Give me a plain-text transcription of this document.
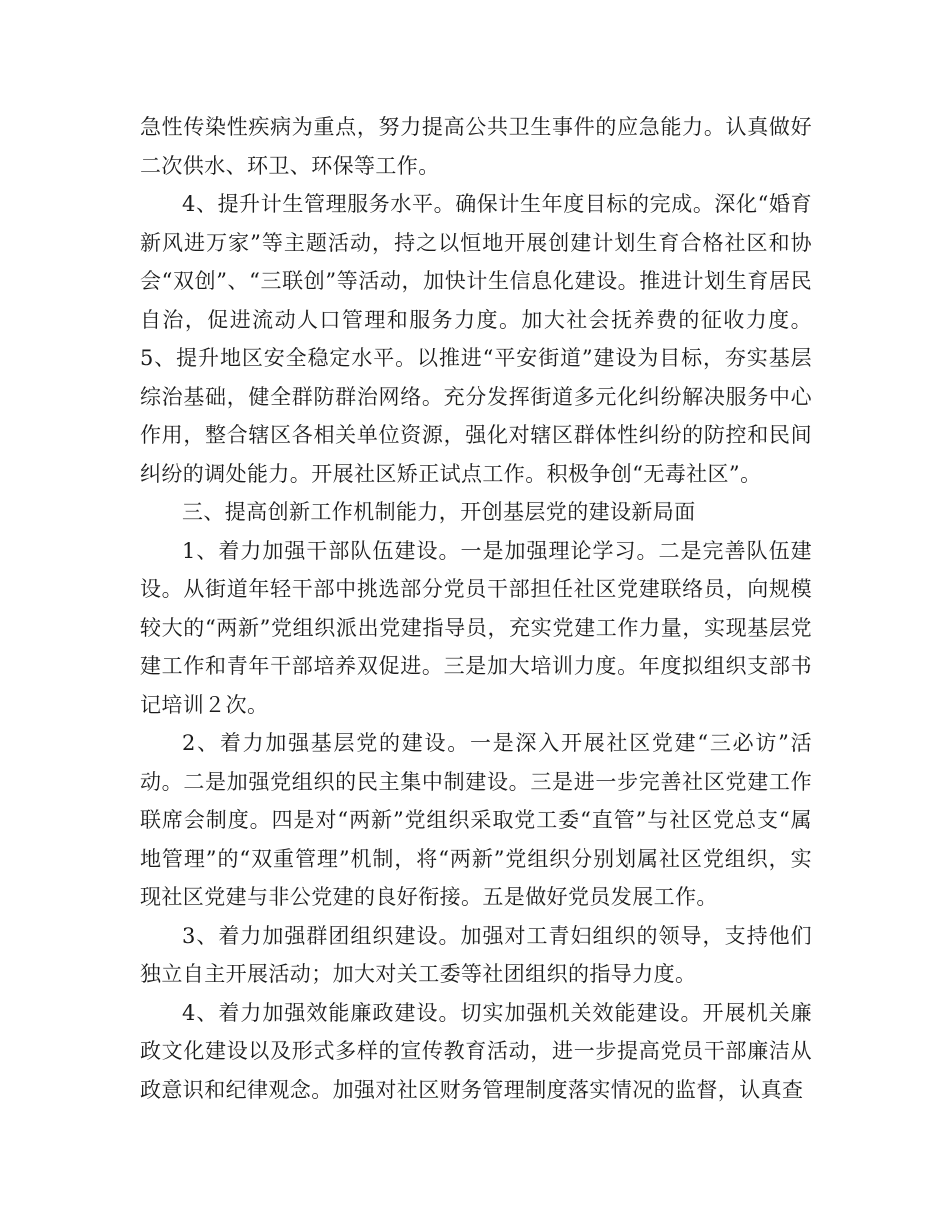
急性传染性疾病为重点，努力提高公共卫生事件的应急能力。认真做好二次供水、环卫、环保等工作。

4、提升计生管理服务水平。确保计生年度目标的完成。深化“婚育新风进万家”等主题活动，持之以恒地开展创建计划生育合格社区和协会“双创”、“三联创”等活动，加快计生信息化建设。推进计划生育居民自治，促进流动人口管理和服务力度。加大社会抚养费的征收力度。5、提升地区安全稳定水平。以推进“平安街道”建设为目标，夯实基层综治基础，健全群防群治网络。充分发挥街道多元化纠纷解决服务中心作用，整合辖区各相关单位资源，强化对辖区群体性纠纷的防控和民间纠纷的调处能力。开展社区矫正试点工作。积极争创“无毒社区”。

三、提高创新工作机制能力，开创基层党的建设新局面

1、着力加强干部队伍建设。一是加强理论学习。二是完善队伍建设。从街道年轻干部中挑选部分党员干部担任社区党建联络员，向规模较大的“两新”党组织派出党建指导员，充实党建工作力量，实现基层党建工作和青年干部培养双促进。三是加大培训力度。年度拟组织支部书记培训２次。

2、着力加强基层党的建设。一是深入开展社区党建“三必访”活动。二是加强党组织的民主集中制建设。三是进一步完善社区党建工作联席会制度。四是对“两新”党组织采取党工委“直管”与社区党总支“属地管理”的“双重管理”机制，将“两新”党组织分别划属社区党组织，实现社区党建与非公党建的良好衔接。五是做好党员发展工作。

3、着力加强群团组织建设。加强对工青妇组织的领导，支持他们独立自主开展活动；加大对关工委等社团组织的指导力度。

4、着力加强效能廉政建设。切实加强机关效能建设。开展机关廉政文化建设以及形式多样的宣传教育活动，进一步提高党员干部廉洁从政意识和纪律观念。加强对社区财务管理制度落实情况的监督，认真查
